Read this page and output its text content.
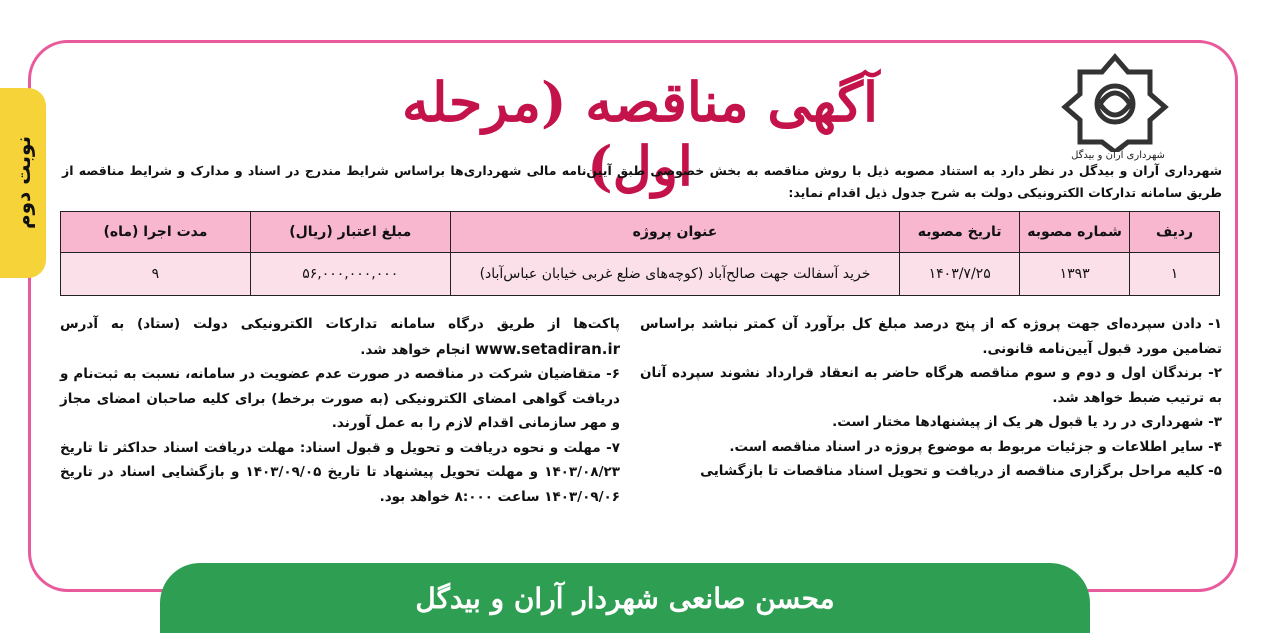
نوبت دوم	شهرداری آران و بیدگل
آگهی مناقصه (مرحله اول)
شهرداری آران و بیدگل در نظر دارد به استناد مصوبه ذیل با روش مناقصه به بخش خصوصی طبق آیین‌نامه مالی شهرداری‌ها براساس شرایط مندرج در اسناد و مدارک و شرایط مناقصه از طریق سامانه تدارکات الکترونیکی دولت به شرح جدول ذیل اقدام نماید:
ردیف	شماره مصوبه	تاریخ مصوبه	عنوان پروژه	مبلغ اعتبار (ریال)	مدت اجرا (ماه)
۱	۱۳۹۳	۱۴۰۳/۷/۲۵	خرید آسفالت جهت صالح‌آباد (کوچه‌های ضلع غربی خیابان عباس‌آباد)	۵۶,۰۰۰,۰۰۰,۰۰۰	۹

۱- دادن سپرده‌ای جهت پروژه که از پنج درصد مبلغ کل برآورد آن کمتر نباشد براساس تضامین مورد قبول آیین‌نامه قانونی.

۲- برندگان اول و دوم و سوم مناقصه هرگاه حاضر به انعقاد قرارداد نشوند سپرده آنان به ترتیب ضبط خواهد شد.

۳- شهرداری در رد یا قبول هر یک از پیشنهادها مختار است.

۴- سایر اطلاعات و جزئیات مربوط به موضوع پروژه در اسناد مناقصه است.

۵- کلیه مراحل برگزاری مناقصه از دریافت و تحویل اسناد مناقصات تا بازگشایی

پاکت‌ها از طریق درگاه سامانه تدارکات الکترونیکی دولت (ستاد) به آدرس www.setadiran.ir انجام خواهد شد.

۶- متقاضیان شرکت در مناقصه در صورت عدم عضویت در سامانه، نسبت به ثبت‌نام و دریافت گواهی امضای الکترونیکی (به صورت برخط) برای کلیه صاحبان امضای مجاز و مهر سازمانی اقدام لازم را به عمل آورند.

۷- مهلت و نحوه دریافت و تحویل و قبول اسناد: مهلت دریافت اسناد حداکثر تا تاریخ ۱۴۰۳/۰۸/۲۳ و مهلت تحویل پیشنهاد تا تاریخ ۱۴۰۳/۰۹/۰۵ و بازگشایی اسناد در تاریخ ۱۴۰۳/۰۹/۰۶ ساعت ۸:۰۰۰ خواهد بود.

محسن صانعی شهردار آران و بیدگل
